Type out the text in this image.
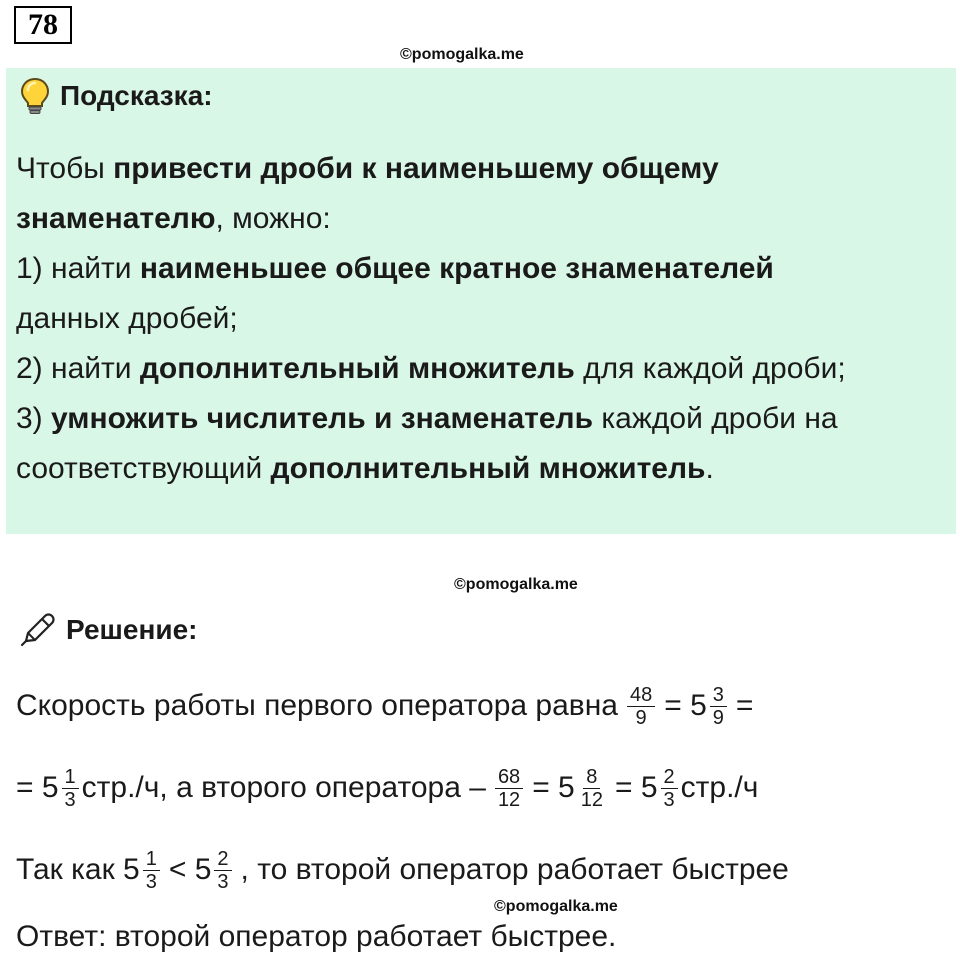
78
©pomogalka.me
Подсказка:

Чтобы привести дроби к наименьшему общему

знаменателю, можно:

1) найти наименьшее общее кратное знаменателей

данных дробей;

2) найти дополнительный множитель для каждой дроби;

3) умножить числитель и знаменатель каждой дроби на

соответствующий дополнительный множитель.

©pomogalka.me
Решение:
Скорость работы первого оператора равна $\frac{48}{9} = 5 \frac{3}{9}$ =
= $5 \frac{1}{3} стр./ч$, а второго оператора – $\frac{68}{12} = 5 \frac{8}{12} = 5 \frac{2}{3} стр./ч$
Так как $5 \frac{1}{3} < 5 \frac{2}{3}$ , то второй оператор работает быстрее
©pomogalka.me
Ответ: второй оператор работает быстрее.
